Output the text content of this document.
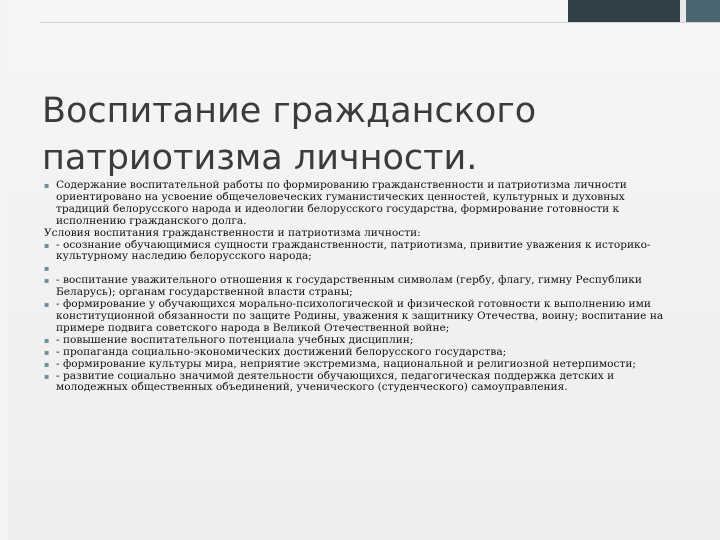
Воспитание гражданского
патриотизма личности.
▪ Содержание воспитательной работы по формированию гражданственности и патриотизма личности ориентировано на усвоение общечеловеческих гуманистических ценностей, культурных и духовных традиций белорусского народа и идеологии белорусского государства, формирование готовности к исполнению гражданского долга.
Условия воспитания гражданственности и патриотизма личности:
▪ - осознание обучающимися сущности гражданственности, патриотизма, привитие уважения к историко-культурному наследию белорусского народа;
▪

▪ - воспитание уважительного отношения к государственным символам (гербу, флагу, гимну Республики Беларусь); органам государственной власти страны;
▪ - формирование у обучающихся морально-психологической и физической готовности к выполнению ими конституционной обязанности по защите Родины, уважения к защитнику Отечества, воину; воспитание на примере подвига советского народа в Великой Отечественной войне;
▪ - повышение воспитательного потенциала учебных дисциплин;
▪ - пропаганда социально-экономических достижений белорусского государства;
▪ - формирование культуры мира, неприятие экстремизма, национальной и религиозной нетерпимости;
▪ - развитие социально значимой деятельности обучающихся, педагогическая поддержка детских и молодежных общественных объединений, ученического (студенческого) самоуправления.
